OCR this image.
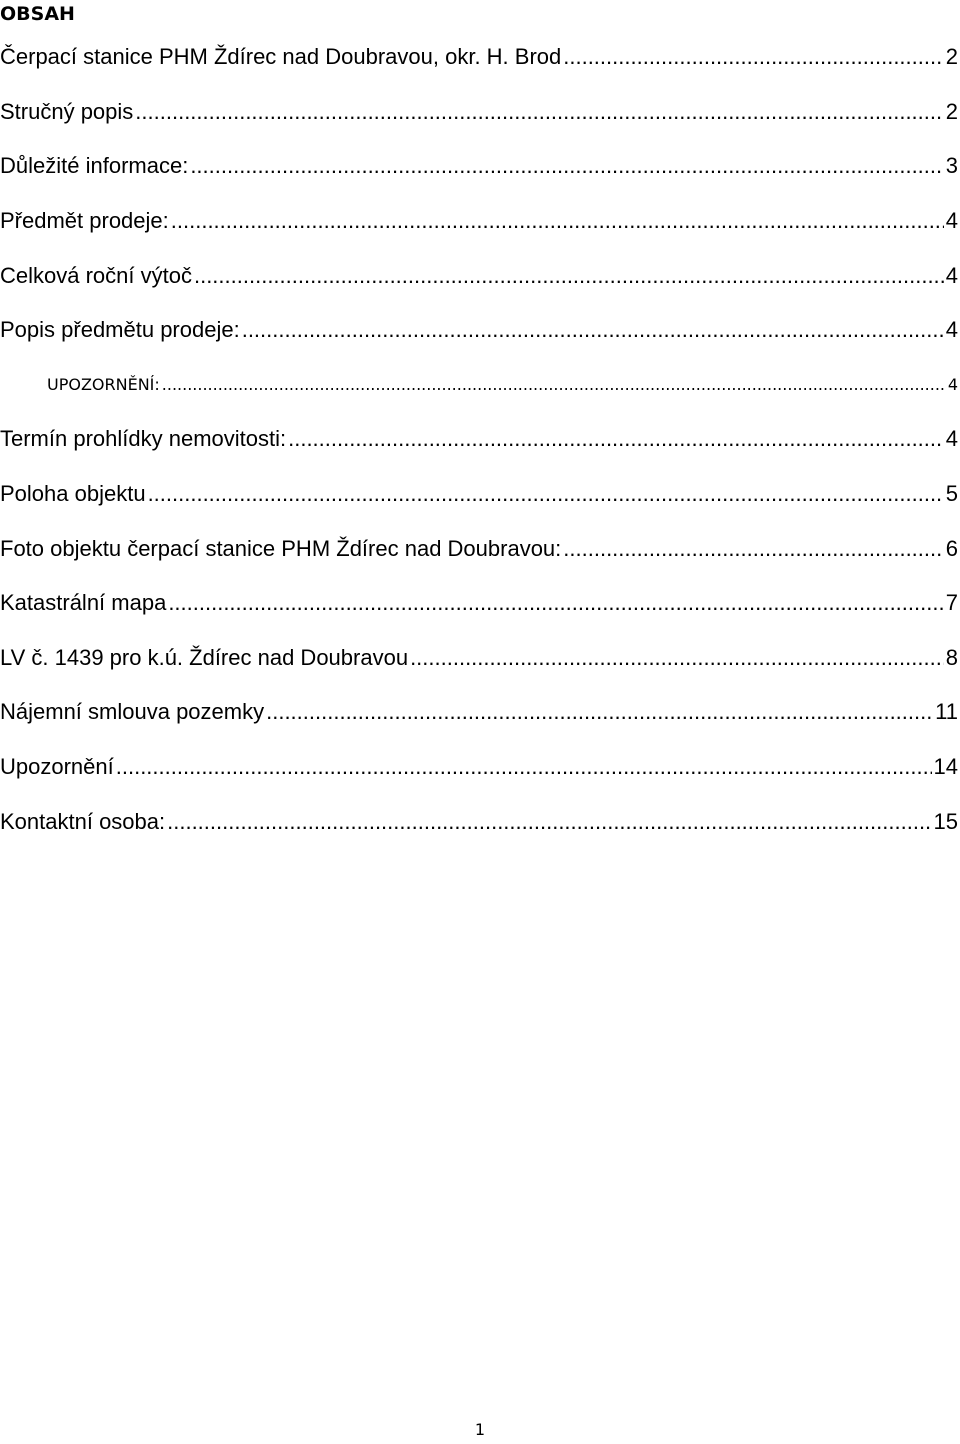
OBSAH
Čerpací stanice PHM Ždírec nad Doubravou, okr. H. Brod .....	2
Stručný popis .....	2
Důležité informace: .....	3
Předmět prodeje: .....	4
Celková roční výtoč .....	4
Popis předmětu prodeje: .....	4
UPOZORNĚNÍ: .....	4
Termín prohlídky nemovitosti: .....	4
Poloha objektu .....	5
Foto objektu čerpací stanice PHM Ždírec nad Doubravou: .....	6
Katastrální mapa .....	7
LV č. 1439 pro k.ú. Ždírec nad Doubravou .....	8
Nájemní smlouva pozemky .....	11
Upozornění .....	14
Kontaktní osoba: .....	15
1
